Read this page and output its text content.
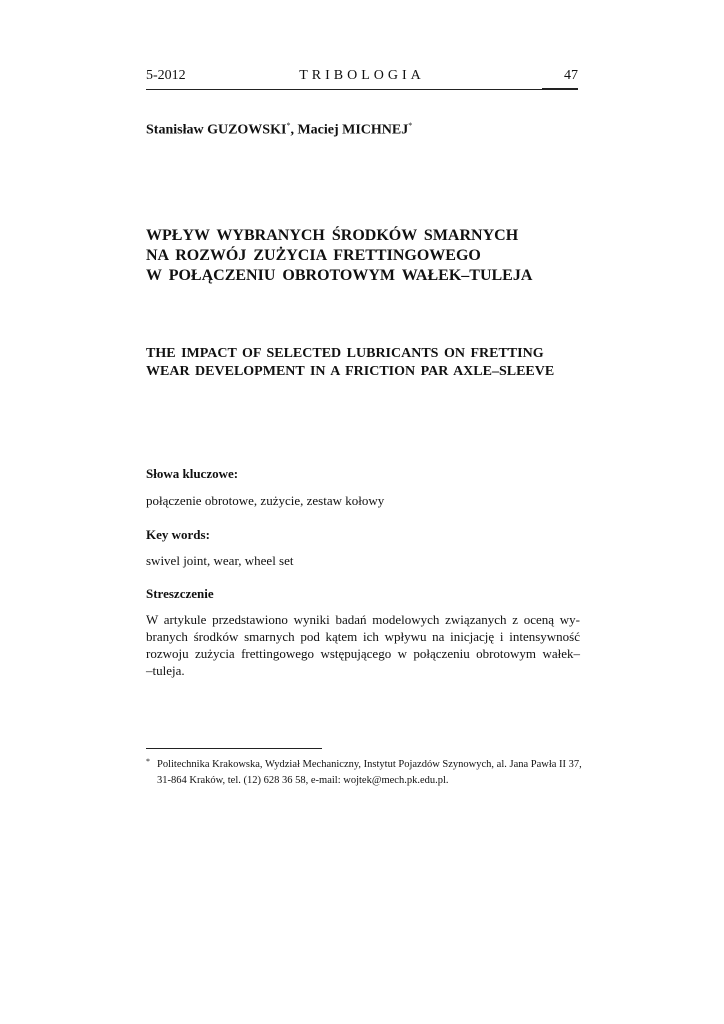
5-2012	TRIBOLOGIA	47
Stanisław GUZOWSKI*, Maciej MICHNEJ*
WPŁYW WYBRANYCH ŚRODKÓW SMARNYCH
NA ROZWÓJ ZUŻYCIA FRETTINGOWEGO
W POŁĄCZENIU OBROTOWYM WAŁEK–TULEJA
THE IMPACT OF SELECTED LUBRICANTS ON FRETTING
WEAR DEVELOPMENT IN A FRICTION PAR AXLE–SLEEVE
Słowa kluczowe:
połączenie obrotowe, zużycie, zestaw kołowy
Key words:
swivel joint, wear, wheel set
Streszczenie
W artykule przedstawiono wyniki badań modelowych związanych z oceną wy-
branych środków smarnych pod kątem ich wpływu na inicjację i intensywność
rozwoju zużycia frettingowego wstępującego w połączeniu obrotowym wałek–
–tuleja.
* Politechnika Krakowska, Wydział Mechaniczny, Instytut Pojazdów Szynowych, al. Jana Pawła II 37,
31-864 Kraków, tel. (12) 628 36 58, e-mail: wojtek@mech.pk.edu.pl.
